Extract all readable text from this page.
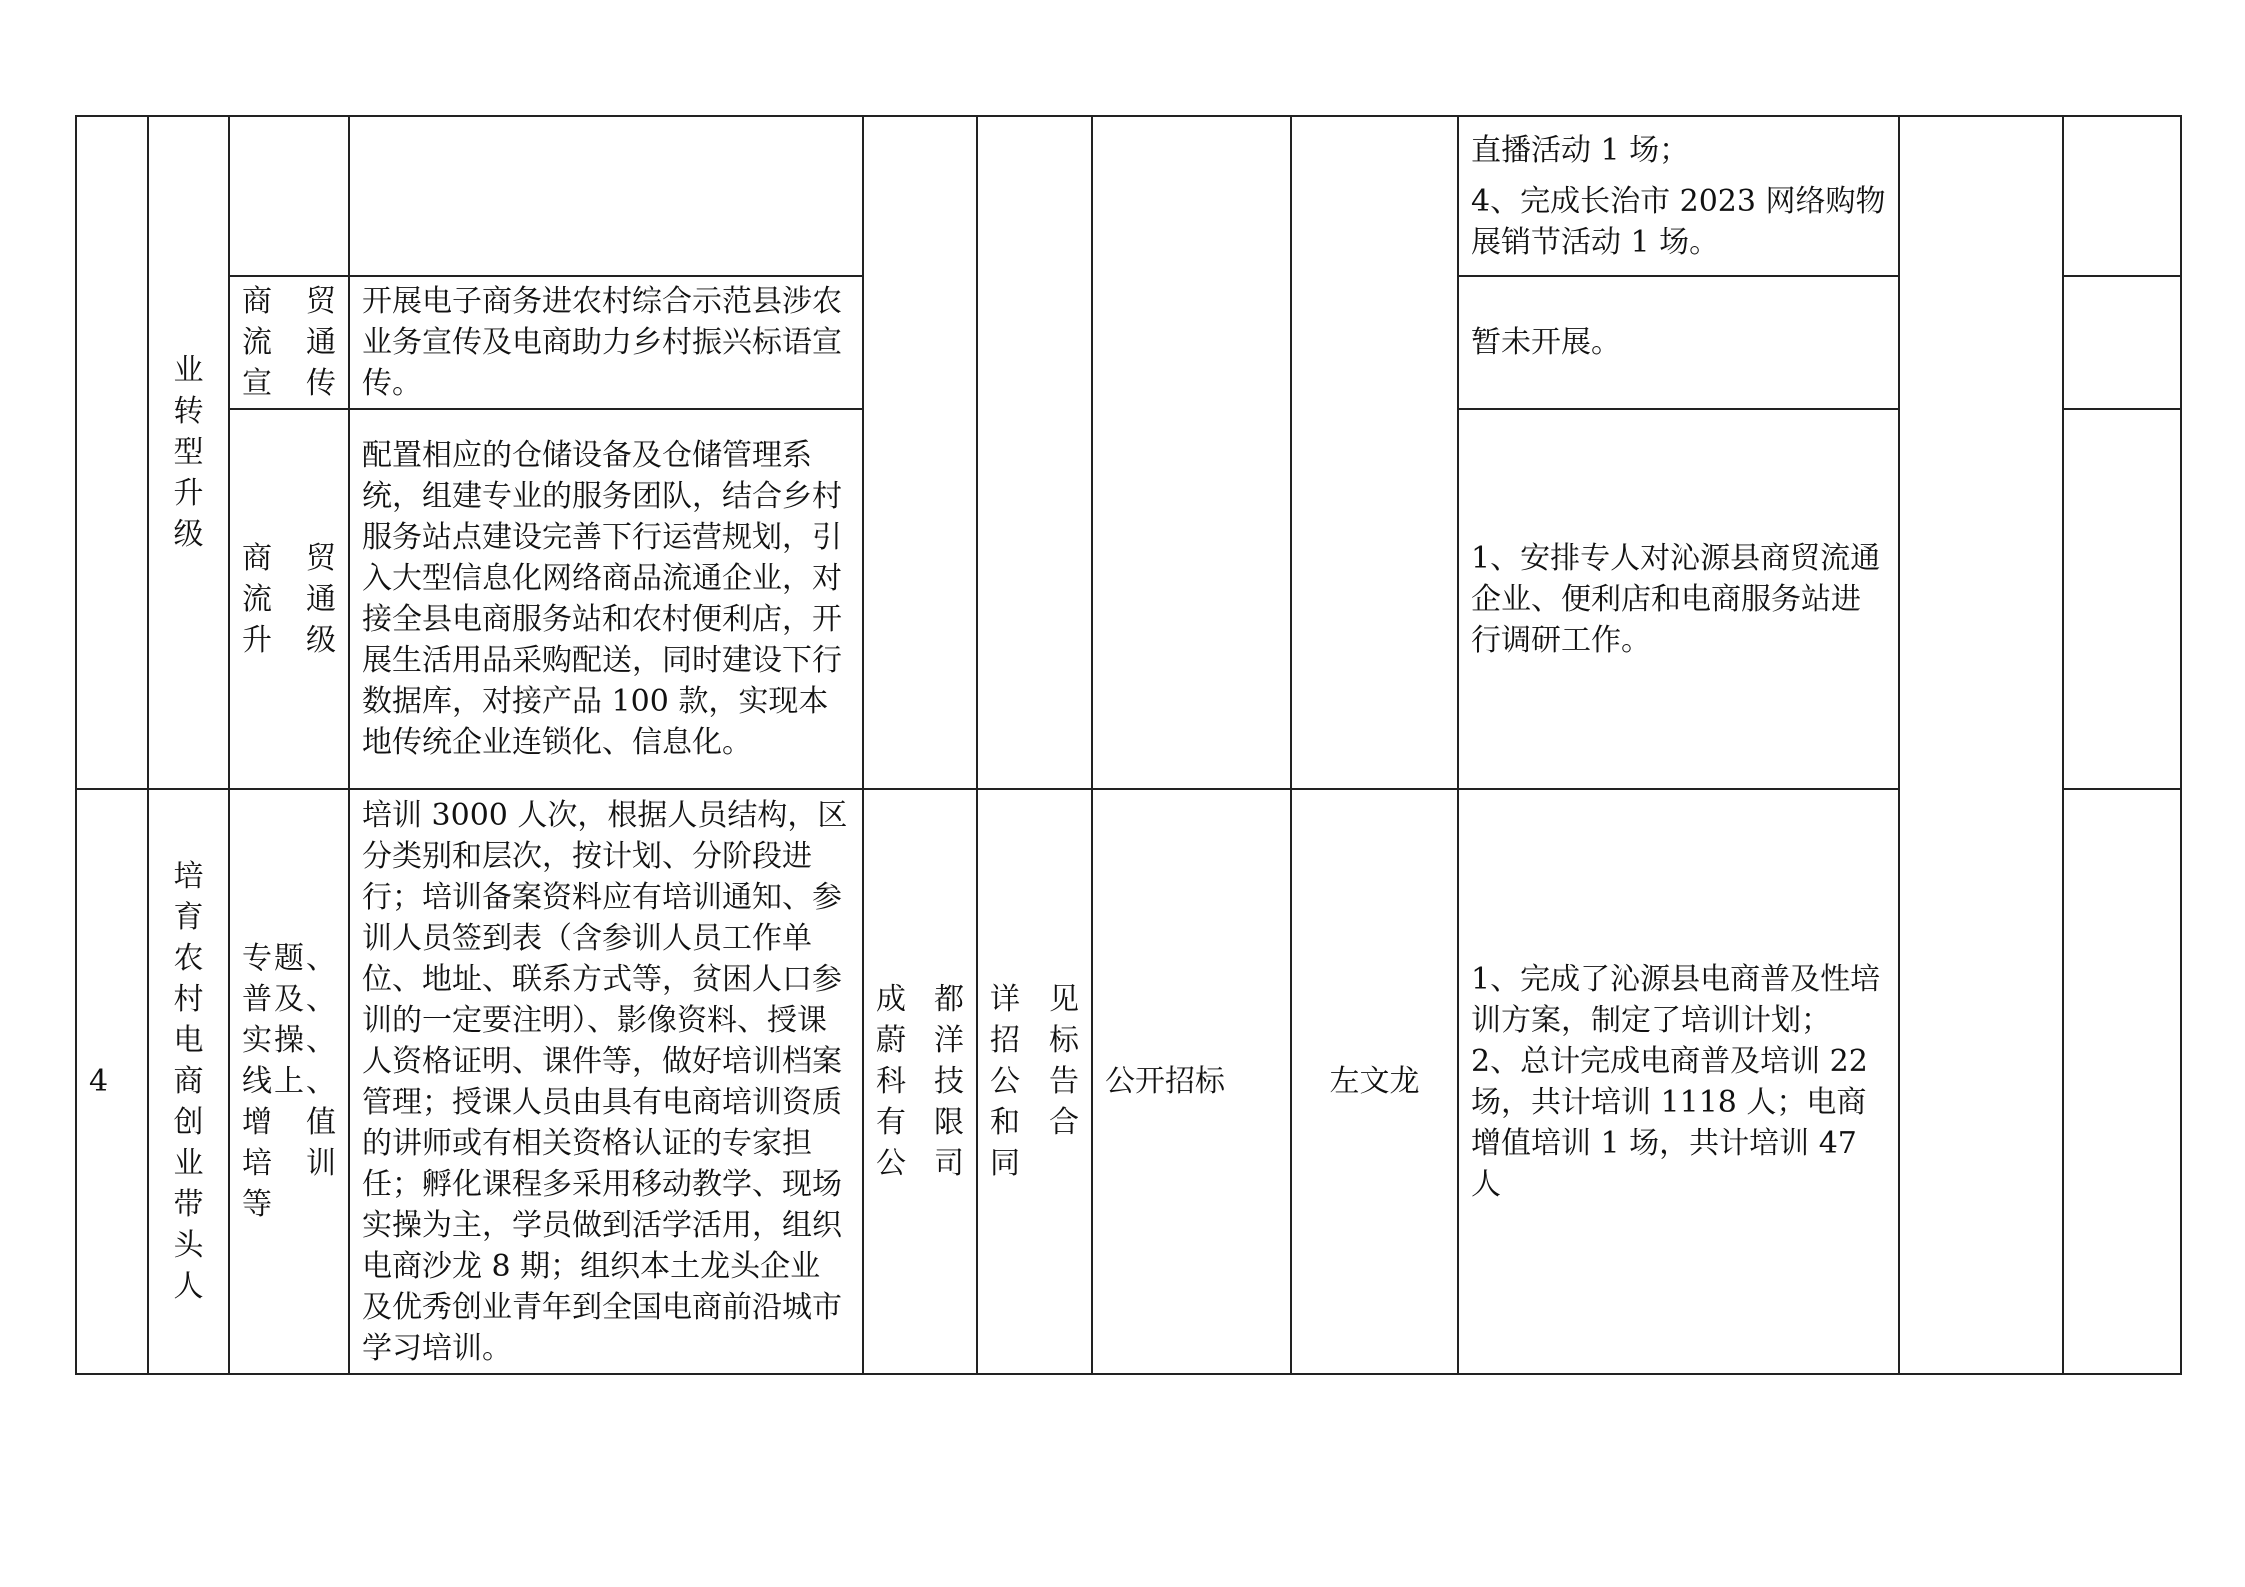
	业转型升级							直播活动 1 场；
4、完成长治市 2023 网络购物展销节活动 1 场。		

		商 贸 流 通 宣传	开展电子商务进农村综合示范县涉农业务宣传及电商助力乡村振兴标语宣传。					暂未开展。		
		商 贸 流 通 升级	配置相应的仓储设备及仓储管理系统，组建专业的服务团队，结合乡村服务站点建设完善下行运营规划，引入大型信息化网络商品流通企业，对接全县电商服务站和农村便利店，开展生活用品采购配送，同时建设下行数据库，对接产品 100 款，实现本地传统企业连锁化、信息化。					1、安排专人对沁源县商贸流通企业、便利店和电商服务站进行调研工作。		
4	培育农村电商创业带头人	专题、普及、实操、线上、增 值 培 训 等	培训 3000 人次，根据人员结构，区分类别和层次，按计划、分阶段进行；培训备案资料应有培训通知、参训人员签到表（含参训人员工作单位、地址、联系方式等，贫困人口参训的一定要注明）、影像资料、授课人资格证明、课件等，做好培训档案管理；授课人员由具有电商培训资质的讲师或有相关资格认证的专家担任；孵化课程多采用移动教学、现场实操为主，学员做到活学活用，组织电商沙龙 8 期；组织本土龙头企业及优秀创业青年到全国电商前沿城市学习培训。	成 都 蔚 洋 科 技 有 限 公司	详 见 招 标 公 告 和 合 同	公开招标	左文龙	1、完成了沁源县电商普及性培训方案，制定了培训计划；
2、总计完成电商普及培训 22 场，共计培训 1118 人；电商增值培训 1 场，共计培训 47 人		
